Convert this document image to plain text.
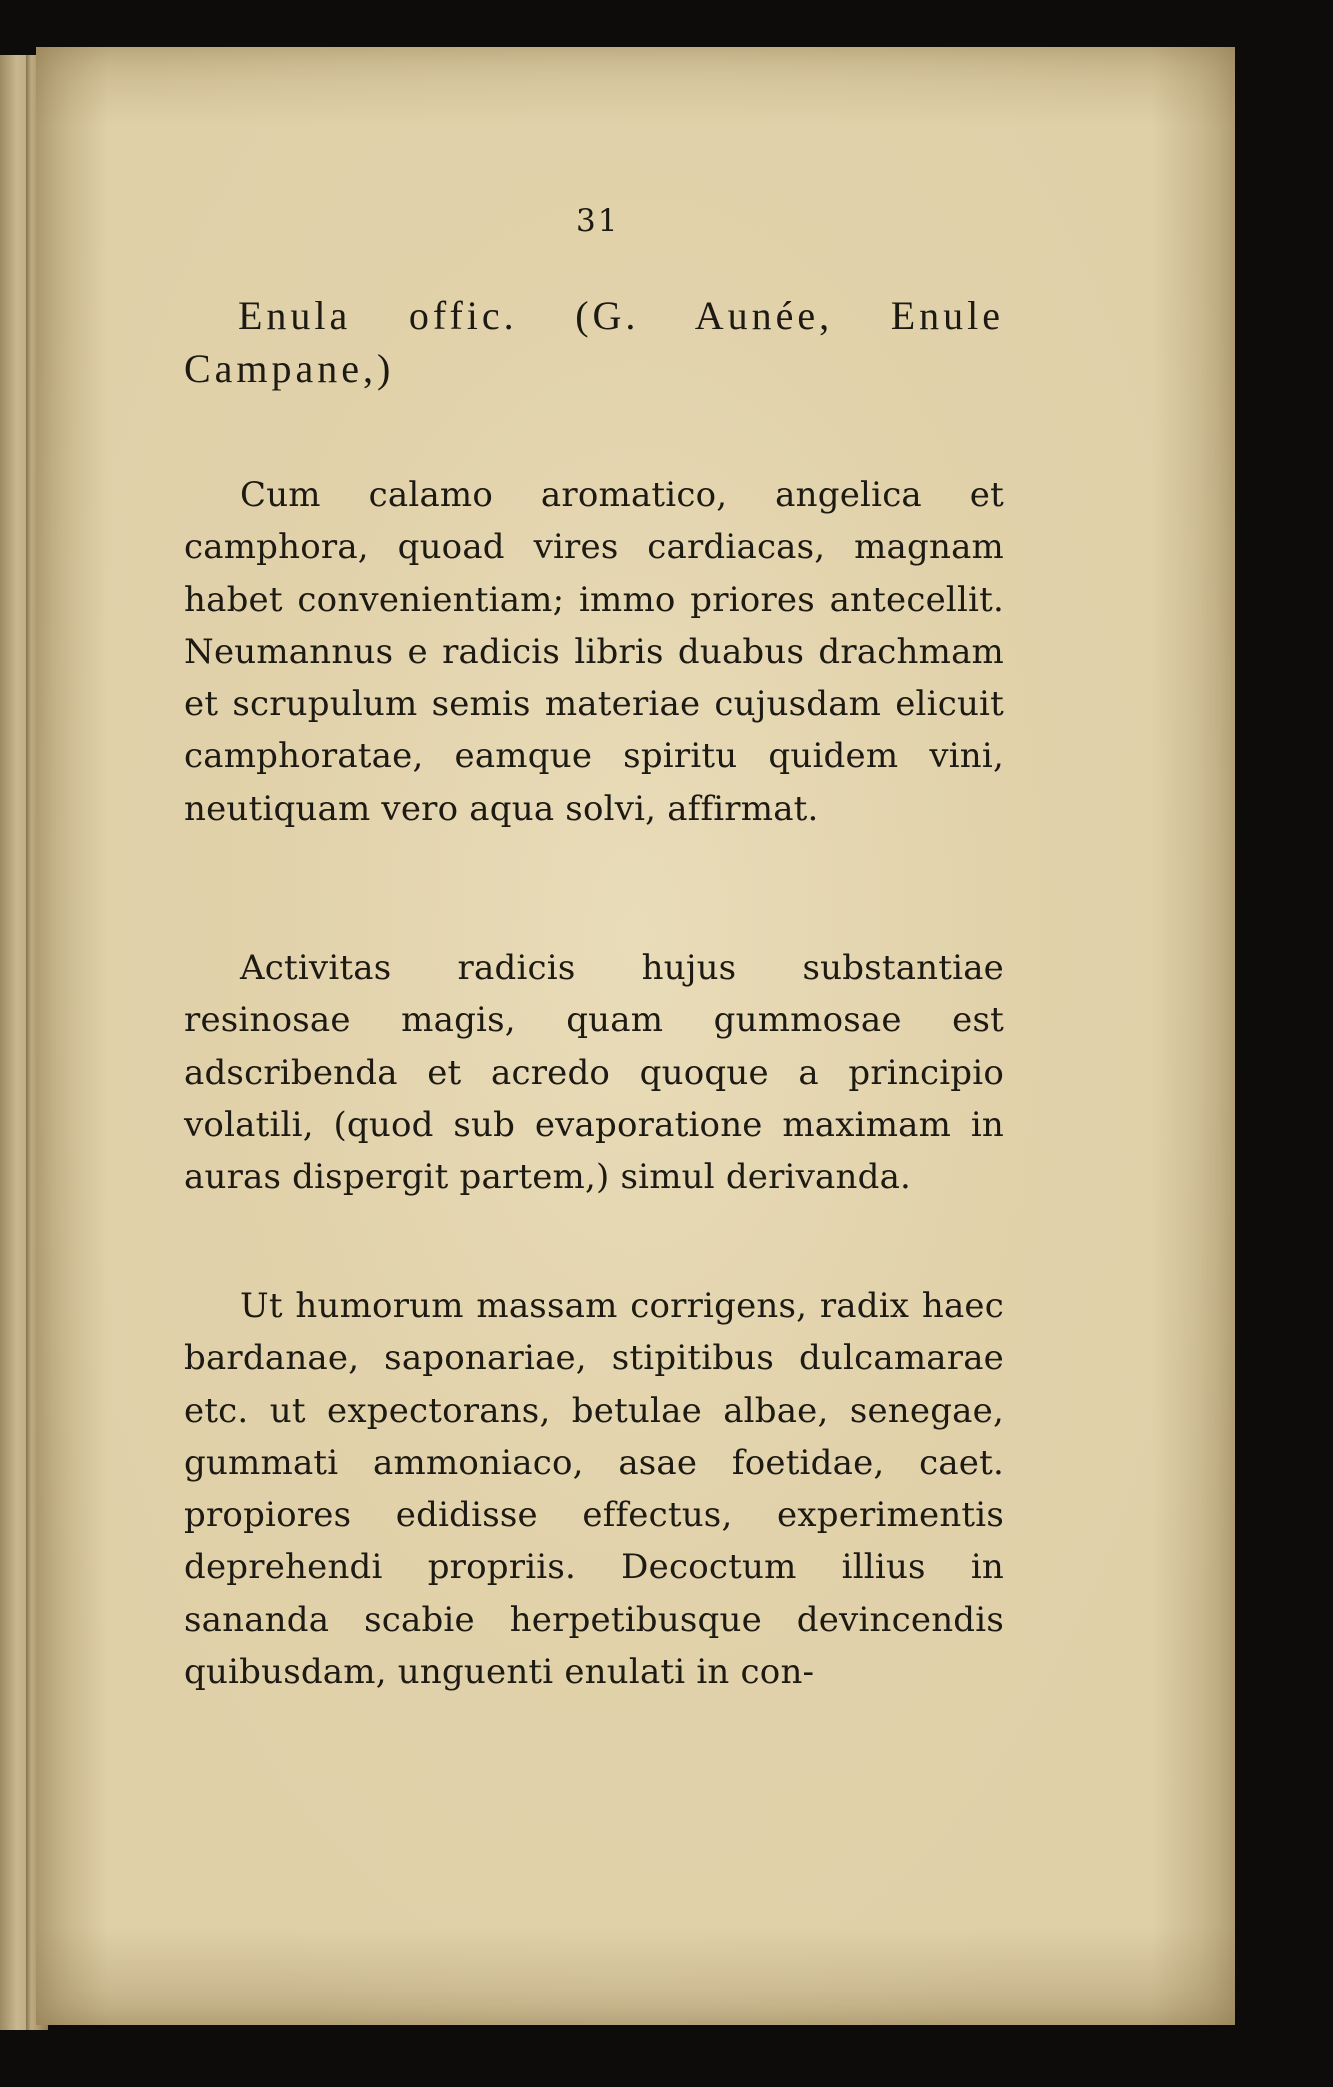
31

Enula offic. (G. Aunée, Enule Campane,)

Cum calamo aromatico, angelica et camphora, quoad vires cardiacas, magnam habet convenientiam; immo priores antecellit. Neumannus e radicis libris duabus drachmam et scrupulum semis materiae cujusdam elicuit camphoratae, eamque spiritu quidem vini, neutiquam vero aqua solvi, affirmat.

Activitas radicis hujus substantiae resinosae magis, quam gummosae est adscribenda et acredo quoque a principio volatili, (quod sub evaporatione maximam in auras dispergit partem,) simul derivanda.

Ut humorum massam corrigens, radix haec bardanae, saponariae, stipitibus dulcamarae etc. ut expectorans, betulae albae, senegae, gummati ammoniaco, asae foetidae, caet. propiores edidisse effectus, experimentis deprehendi propriis. Decoctum illius in sananda scabie herpetibusque devincendis quibusdam, unguenti enulati in con-
